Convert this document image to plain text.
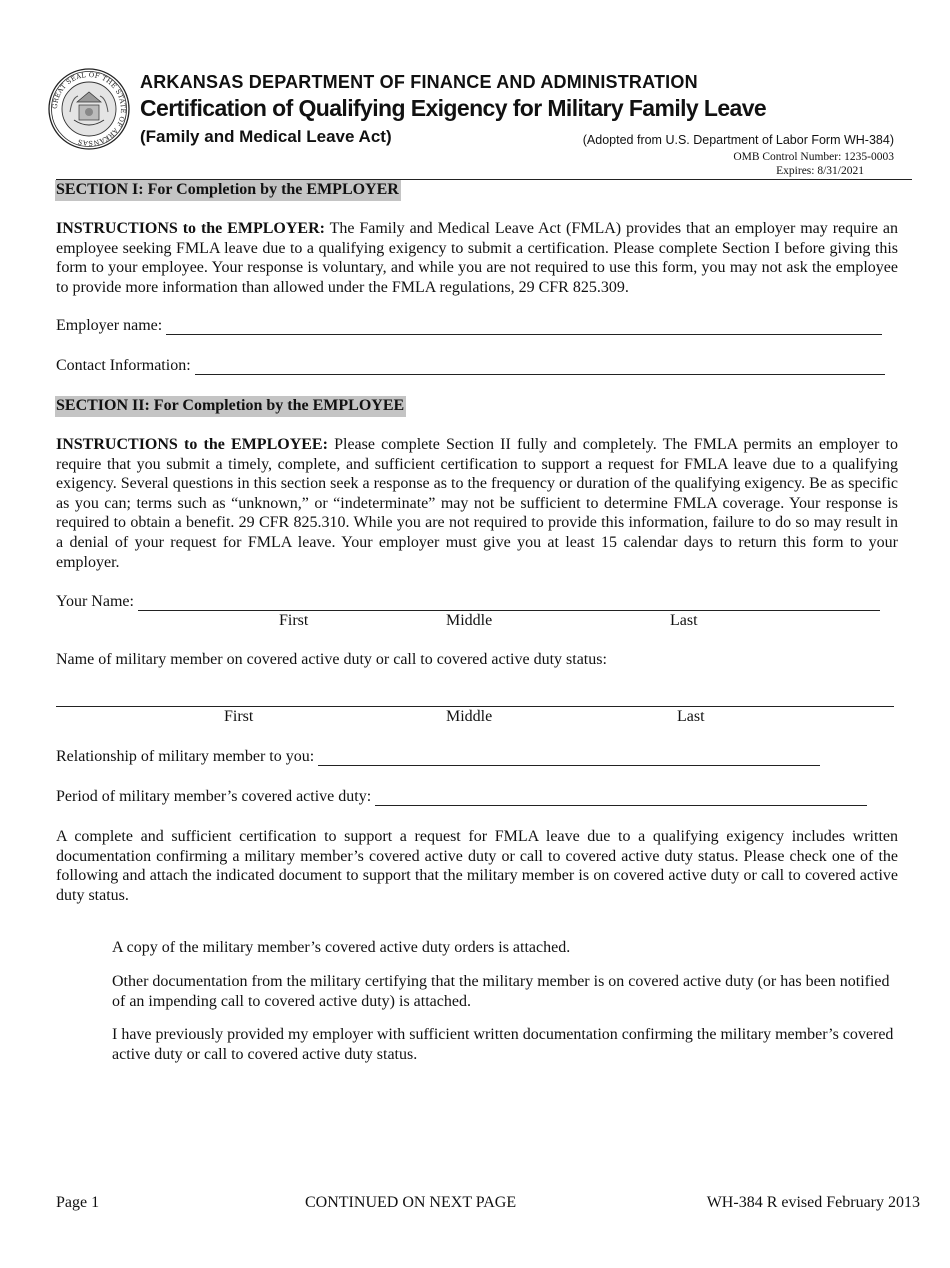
GREAT SEAL OF THE STATE OF ARKANSAS
ARKANSAS DEPARTMENT OF FINANCE AND ADMINISTRATION
Certification of Qualifying Exigency for Military Family Leave
(Family and Medical Leave Act)	(Adopted from U.S. Department of Labor Form WH-384)
OMB Control Number: 1235-0003
Expires: 8/31/2021
SECTION I: For Completion by the EMPLOYER
INSTRUCTIONS to the EMPLOYER: The Family and Medical Leave Act (FMLA) provides that an employer may require an employee seeking FMLA leave due to a qualifying exigency to submit a certification. Please complete Section I before giving this form to your employee. Your response is voluntary, and while you are not required to use this form, you may not ask the employee to provide more information than allowed under the FMLA regulations, 29 CFR 825.309.
Employer name:
Contact Information:
SECTION II: For Completion by the EMPLOYEE
INSTRUCTIONS to the EMPLOYEE: Please complete Section II fully and completely. The FMLA permits an employer to require that you submit a timely, complete, and sufficient certification to support a request for FMLA leave due to a qualifying exigency. Several questions in this section seek a response as to the frequency or duration of the qualifying exigency. Be as specific as you can; terms such as “unknown,” or “indeterminate” may not be sufficient to determine FMLA coverage. Your response is required to obtain a benefit. 29 CFR 825.310. While you are not required to provide this information, failure to do so may result in a denial of your request for FMLA leave. Your employer must give you at least 15 calendar days to return this form to your employer.
Your Name:
First	Middle	Last
Name of military member on covered active duty or call to covered active duty status:
First	Middle	Last
Relationship of military member to you:
Period of military member’s covered active duty:
A complete and sufficient certification to support a request for FMLA leave due to a qualifying exigency includes written documentation confirming a military member’s covered active duty or call to covered active duty status. Please check one of the following and attach the indicated document to support that the military member is on covered active duty or call to covered active duty status.
A copy of the military member’s covered active duty orders is attached.
Other documentation from the military certifying that the military member is on covered active duty (or has been notified of an impending call to covered active duty) is attached.
I have previously provided my employer with sufficient written documentation confirming the military member’s covered active duty or call to covered active duty status.
Page 1	CONTINUED ON NEXT PAGE	WH-384 R evised February 2013
